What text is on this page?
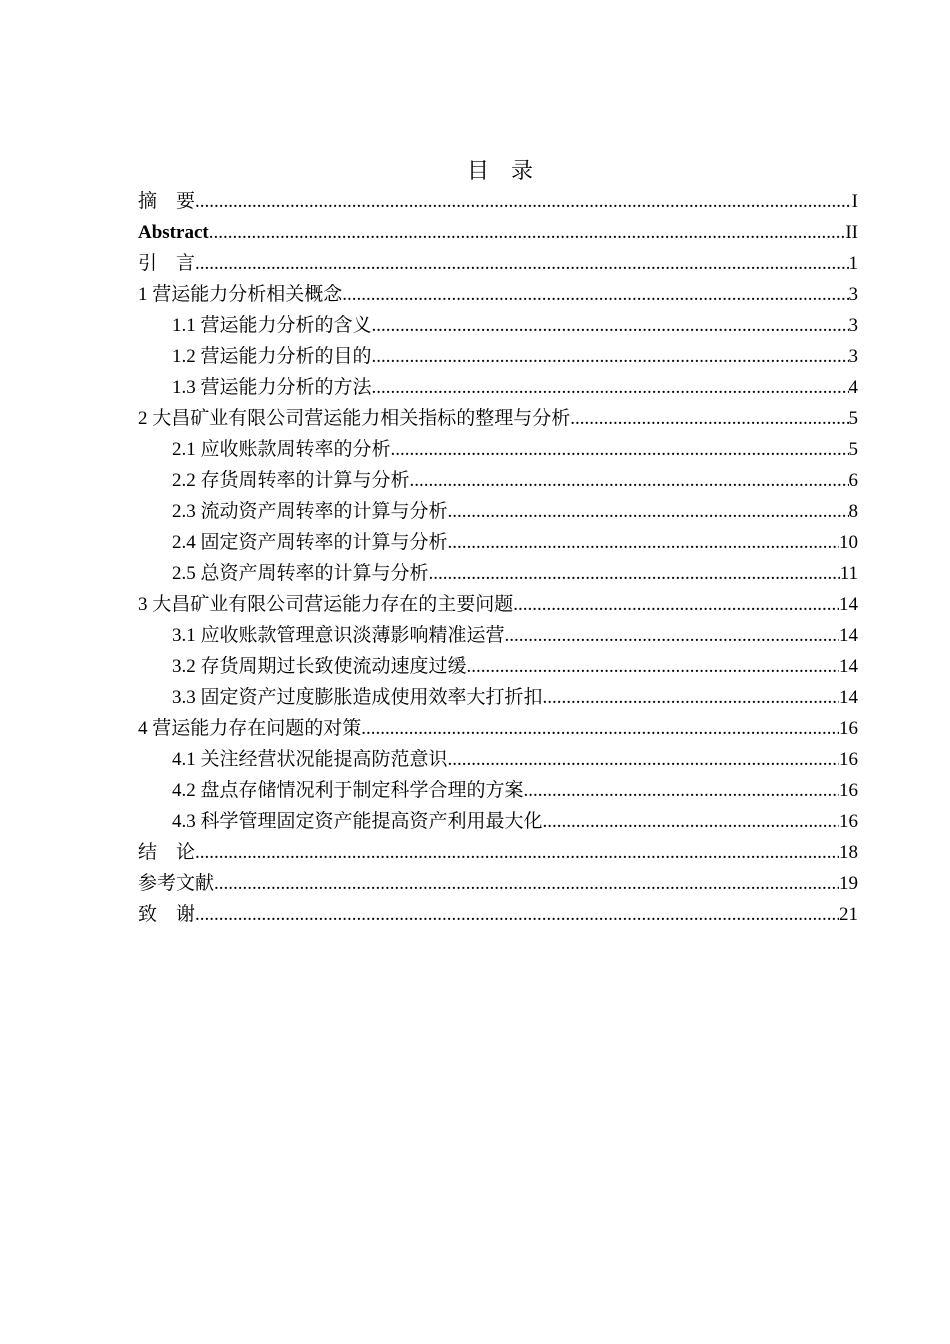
目　录
摘　要 .....	I
Abstract .....	II
引　言 .....	1
1 营运能力分析相关概念 .....	3
1.1 营运能力分析的含义 .....	3
1.2 营运能力分析的目的 .....	3
1.3 营运能力分析的方法 .....	4
2 大昌矿业有限公司营运能力相关指标的整理与分析 .....	5
2.1 应收账款周转率的分析 .....	5
2.2 存货周转率的计算与分析 .....	6
2.3 流动资产周转率的计算与分析 .....	8
2.4 固定资产周转率的计算与分析 .....	10
2.5 总资产周转率的计算与分析 .....	11
3 大昌矿业有限公司营运能力存在的主要问题 .....	14
3.1 应收账款管理意识淡薄影响精准运营 .....	14
3.2 存货周期过长致使流动速度过缓 .....	14
3.3 固定资产过度膨胀造成使用效率大打折扣 .....	14
4 营运能力存在问题的对策 .....	16
4.1 关注经营状况能提高防范意识 .....	16
4.2 盘点存储情况利于制定科学合理的方案 .....	16
4.3 科学管理固定资产能提高资产利用最大化 .....	16
结　论 .....	18
参考文献 .....	19
致　谢 .....	21
